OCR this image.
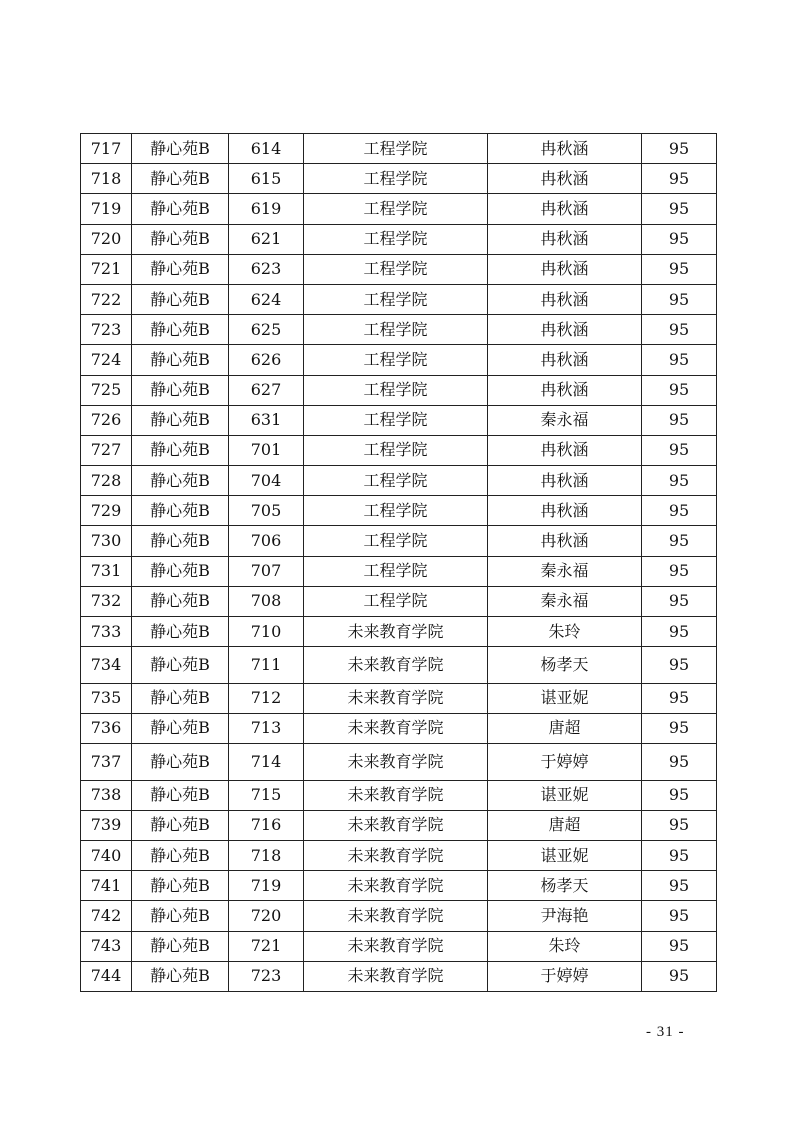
717	静心苑B	614	工程学院	冉秋涵	95
718	静心苑B	615	工程学院	冉秋涵	95
719	静心苑B	619	工程学院	冉秋涵	95
720	静心苑B	621	工程学院	冉秋涵	95
721	静心苑B	623	工程学院	冉秋涵	95
722	静心苑B	624	工程学院	冉秋涵	95
723	静心苑B	625	工程学院	冉秋涵	95
724	静心苑B	626	工程学院	冉秋涵	95
725	静心苑B	627	工程学院	冉秋涵	95
726	静心苑B	631	工程学院	秦永福	95
727	静心苑B	701	工程学院	冉秋涵	95
728	静心苑B	704	工程学院	冉秋涵	95
729	静心苑B	705	工程学院	冉秋涵	95
730	静心苑B	706	工程学院	冉秋涵	95
731	静心苑B	707	工程学院	秦永福	95
732	静心苑B	708	工程学院	秦永福	95
733	静心苑B	710	未来教育学院	朱玲	95
734	静心苑B	711	未来教育学院	杨孝天	95
735	静心苑B	712	未来教育学院	谌亚妮	95
736	静心苑B	713	未来教育学院	唐超	95
737	静心苑B	714	未来教育学院	于婷婷	95
738	静心苑B	715	未来教育学院	谌亚妮	95
739	静心苑B	716	未来教育学院	唐超	95
740	静心苑B	718	未来教育学院	谌亚妮	95
741	静心苑B	719	未来教育学院	杨孝天	95
742	静心苑B	720	未来教育学院	尹海艳	95
743	静心苑B	721	未来教育学院	朱玲	95
744	静心苑B	723	未来教育学院	于婷婷	95
- 31 -
